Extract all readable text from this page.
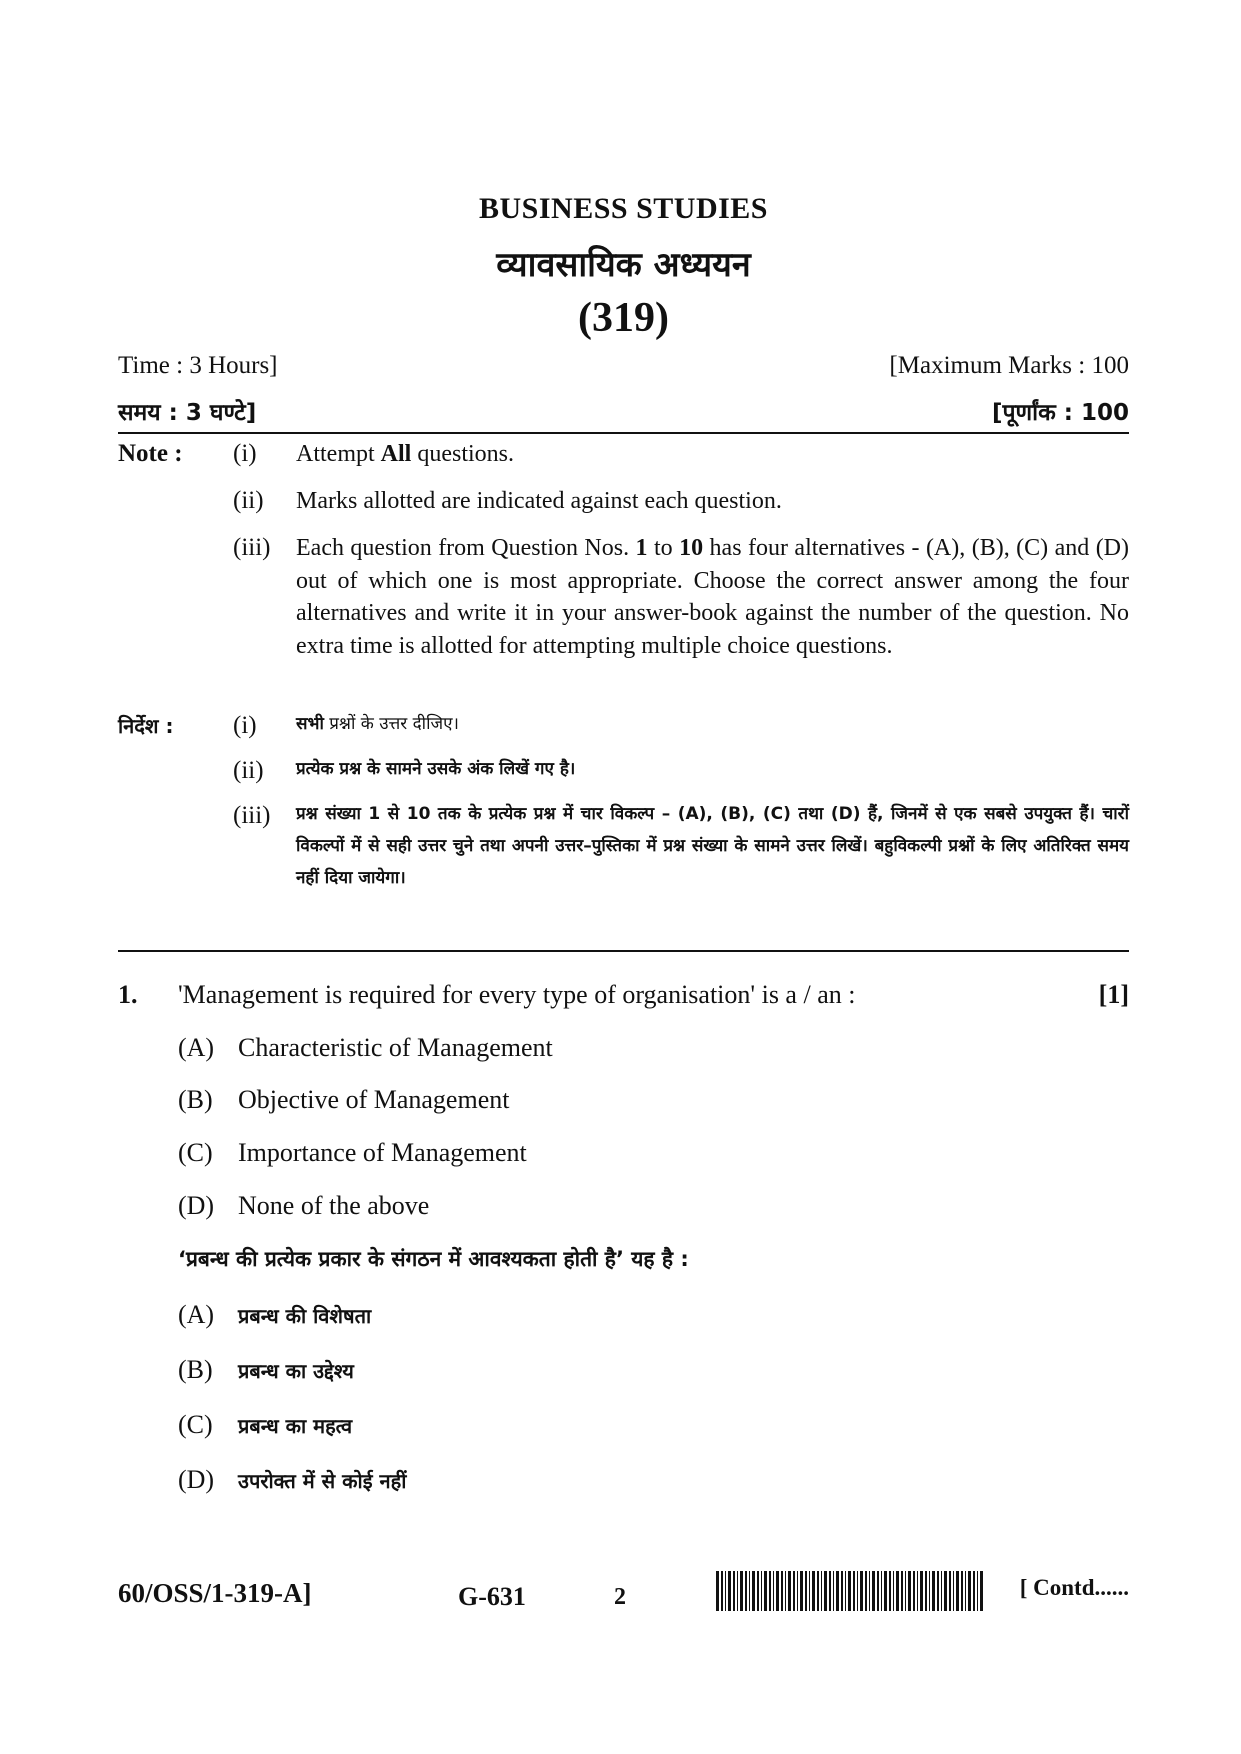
BUSINESS STUDIES
व्यावसायिक अध्ययन
(319)
Time : 3 Hours]	[Maximum Marks : 100
समय : 3 घण्टे]	[पूर्णांक : 100
Note : (i) Attempt All questions.
(ii) Marks allotted are indicated against each question.
(iii) Each question from Question Nos. 1 to 10 has four alternatives - (A), (B), (C) and (D) out of which one is most appropriate. Choose the correct answer among the four alternatives and write it in your answer-book against the number of the question. No extra time is allotted for attempting multiple choice questions.
निर्देश : (i) सभी प्रश्नों के उत्तर दीजिए।
(ii) प्रत्येक प्रश्न के सामने उसके अंक लिखें गए है।
(iii) प्रश्न संख्या 1 से 10 तक के प्रत्येक प्रश्न में चार विकल्प – (A), (B), (C) तथा (D) हैं, जिनमें से एक सबसे उपयुक्त हैं। चारों विकल्पों में से सही उत्तर चुने तथा अपनी उत्तर–पुस्तिका में प्रश्न संख्या के सामने उत्तर लिखें। बहुविकल्पी प्रश्नों के लिए अतिरिक्त समय नहीं दिया जायेगा।
1. 'Management is required for every type of organisation' is a / an :	[1]
(A) Characteristic of Management
(B) Objective of Management
(C) Importance of Management
(D) None of the above
‘प्रबन्ध की प्रत्येक प्रकार के संगठन में आवश्यकता होती है’ यह है :
(A) प्रबन्ध की विशेषता
(B) प्रबन्ध का उद्देश्य
(C) प्रबन्ध का महत्व
(D) उपरोक्त में से कोई नहीं
60/OSS/1-319-A]	G-631	2	[ Contd......
